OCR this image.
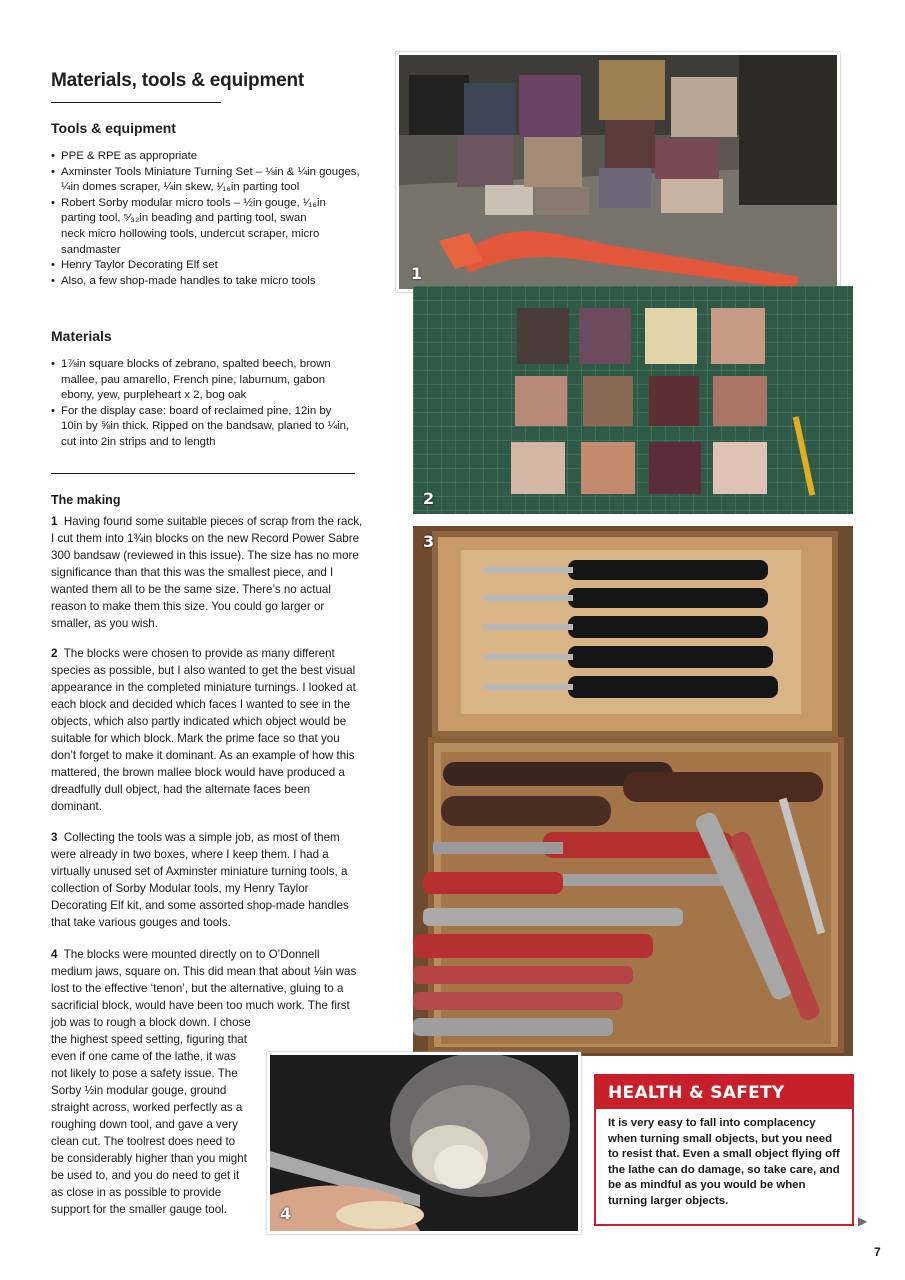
Materials, tools & equipment
Tools & equipment
• PPE & RPE as appropriate
• Axminster Tools Miniature Turning Set – ⅛in & ¼in gouges, ¼in domes scraper, ¼in skew, ¹⁄₁₆in parting tool
• Robert Sorby modular micro tools – ½in gouge, ¹⁄₁₆in parting tool, ⁵⁄₃₂in beading and parting tool, swan neck micro hollowing tools, undercut scraper, micro sandmaster
• Henry Taylor Decorating Elf set
• Also, a few shop-made handles to take micro tools
Materials
• 1⅞in square blocks of zebrano, spalted beech, brown mallee, pau amarello, French pine, laburnum, gabon ebony, yew, purpleheart x 2, bog oak
• For the display case: board of reclaimed pine, 12in by 10in by ⅝in thick. Ripped on the bandsaw, planed to ¼in, cut into 2in strips and to length
The making

1 Having found some suitable pieces of scrap from the rack, I cut them into 1¾in blocks on the new Record Power Sabre 300 bandsaw (reviewed in this issue). The size has no more significance than that this was the smallest piece, and I wanted them all to be the same size. There’s no actual reason to make them this size. You could go larger or smaller, as you wish.

2 The blocks were chosen to provide as many different species as possible, but I also wanted to get the best visual appearance in the completed miniature turnings. I looked at each block and decided which faces I wanted to see in the objects, which also partly indicated which object would be suitable for which block. Mark the prime face so that you don’t forget to make it dominant. As an example of how this mattered, the brown mallee block would have produced a dreadfully dull object, had the alternate faces been dominant.

3 Collecting the tools was a simple job, as most of them were already in two boxes, where I keep them. I had a virtually unused set of Axminster miniature turning tools, a collection of Sorby Modular tools, my Henry Taylor Decorating Elf kit, and some assorted shop-made handles that take various gouges and tools.

4 The blocks were mounted directly on to O’Donnell medium jaws, square on. This did mean that about ⅛in was lost to the effective ‘tenon’, but the alternative, gluing to a sacrificial block, would have been too much work. The first job was to rough a block down. I chose

the highest speed setting, figuring that even if one came of the lathe, it was not likely to pose a safety issue. The Sorby ½in modular gouge, ground straight across, worked perfectly as a roughing down tool, and gave a very clean cut. The toolrest does need to be considerably higher than you might be used to, and you do need to get it as close in as possible to provide support for the smaller gauge tool.

1
2
3
4
HEALTH & SAFETY
It is very easy to fall into complacency when turning small objects, but you need to resist that. Even a small object flying off the lathe can do damage, so take care, and be as mindful as you would be when turning larger objects.
▶
7
